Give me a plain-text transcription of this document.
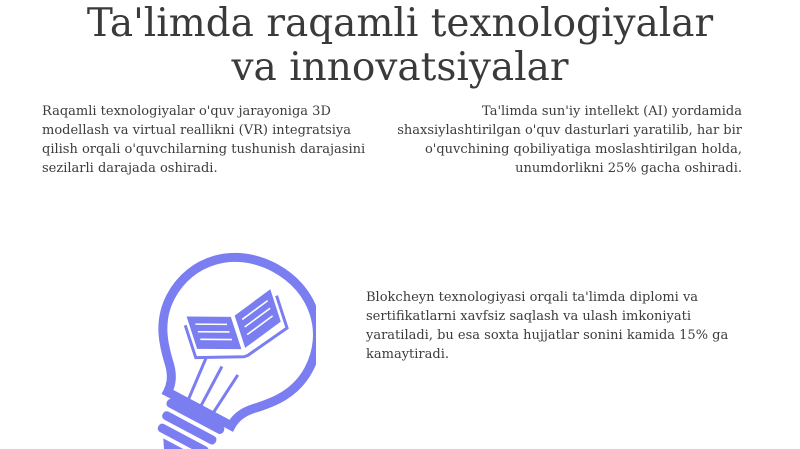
Ta'limda raqamli texnologiyalar
va innovatsiyalar
Raqamli texnologiyalar o'quv jarayoniga 3D modellash va virtual reallikni (VR) integratsiya qilish orqali o'quvchilarning tushunish darajasini sezilarli darajada oshiradi.
Ta'limda sun'iy intellekt (AI) yordamida shaxsiylashtirilgan o'quv dasturlari yaratilib, har bir o'quvchining qobiliyatiga moslashtirilgan holda, unumdorlikni 25% gacha oshiradi.
Blokcheyn texnologiyasi orqali ta'limda diplomi va sertifikatlarni xavfsiz saqlash va ulash imkoniyati yaratiladi, bu esa soxta hujjatlar sonini kamida 15% ga kamaytiradi.
